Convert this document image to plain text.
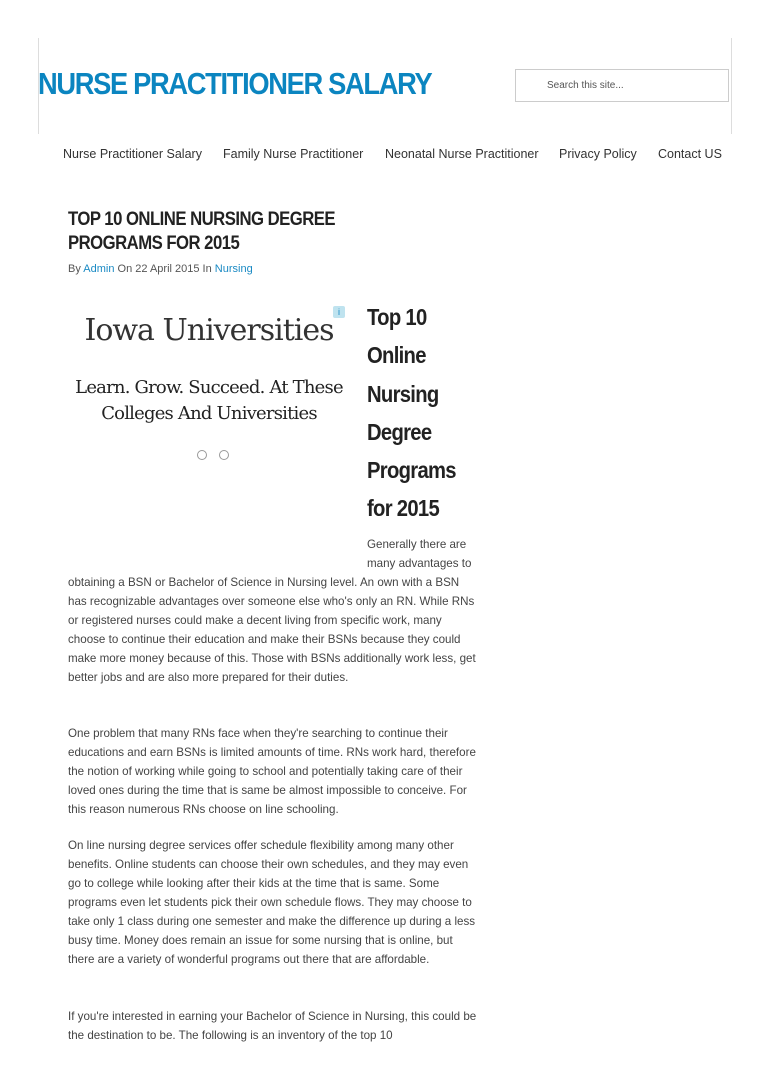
NURSE PRACTITIONER SALARY	Search this site...
Nurse Practitioner Salary Family Nurse Practitioner Neonatal Nurse Practitioner Privacy Policy Contact US
TOP 10 ONLINE NURSING DEGREE PROGRAMS FOR 2015
By Admin On 22 April 2015 In Nursing
i
Iowa Universities
Learn. Grow. Succeed. At These Colleges And Universities
Top 10 Online Nursing Degree Programs for 2015
Generally there are many advantages to
obtaining a BSN or Bachelor of Science in Nursing level. An own with a BSN has recognizable advantages over someone else who's only an RN. While RNs or registered nurses could make a decent living from specific work, many choose to continue their education and make their BSNs because they could make more money because of this. Those with BSNs additionally work less, get better jobs and are also more prepared for their duties.
One problem that many RNs face when they're searching to continue their educations and earn BSNs is limited amounts of time. RNs work hard, therefore the notion of working while going to school and potentially taking care of their loved ones during the time that is same be almost impossible to conceive. For this reason numerous RNs choose on line schooling.
On line nursing degree services offer schedule flexibility among many other benefits. Online students can choose their own schedules, and they may even go to college while looking after their kids at the time that is same. Some programs even let students pick their own schedule flows. They may choose to take only 1 class during one semester and make the difference up during a less busy time. Money does remain an issue for some nursing that is online, but there are a variety of wonderful programs out there that are affordable.
If you're interested in earning your Bachelor of Science in Nursing, this could be the destination to be. The following is an inventory of the top 10
